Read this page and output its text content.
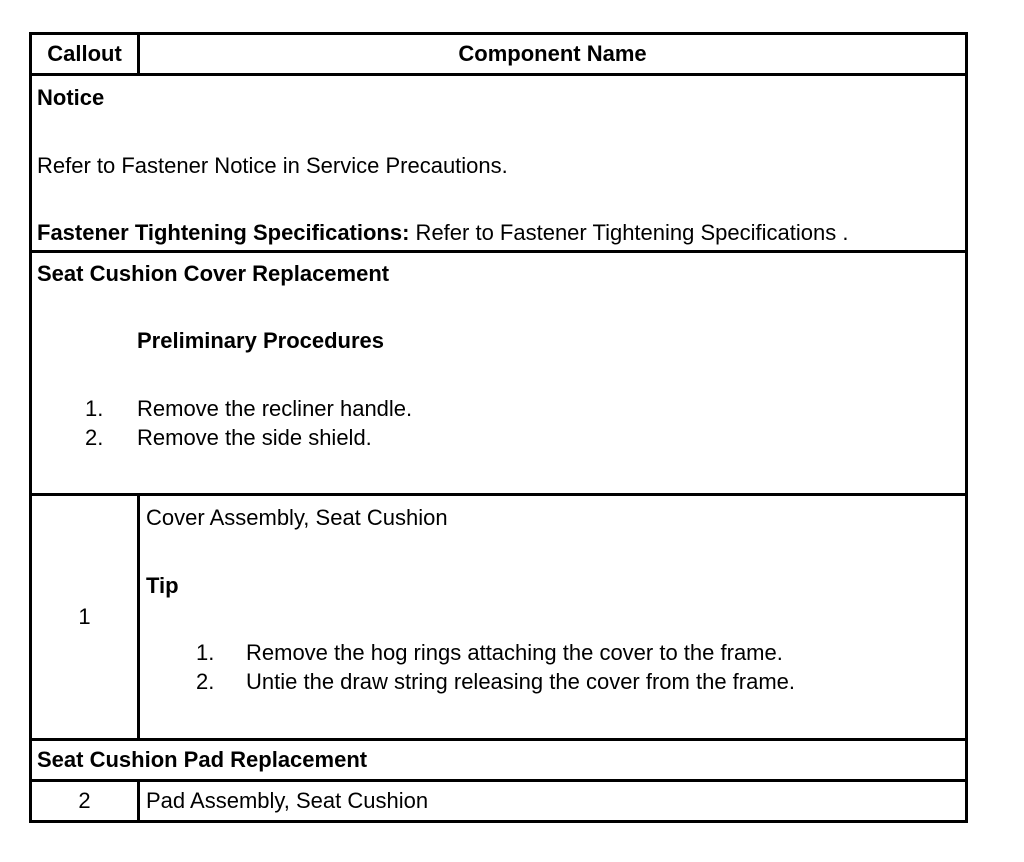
Callout	Component Name
Notice
Refer to Fastener Notice in Service Precautions.
Fastener Tightening Specifications: Refer to Fastener Tightening Specifications .
Seat Cushion Cover Replacement
Preliminary Procedures
1. Remove the recliner handle.
2. Remove the side shield.
1
Cover Assembly, Seat Cushion
Tip
1. Remove the hog rings attaching the cover to the frame.
2. Untie the draw string releasing the cover from the frame.
Seat Cushion Pad Replacement
2	Pad Assembly, Seat Cushion
